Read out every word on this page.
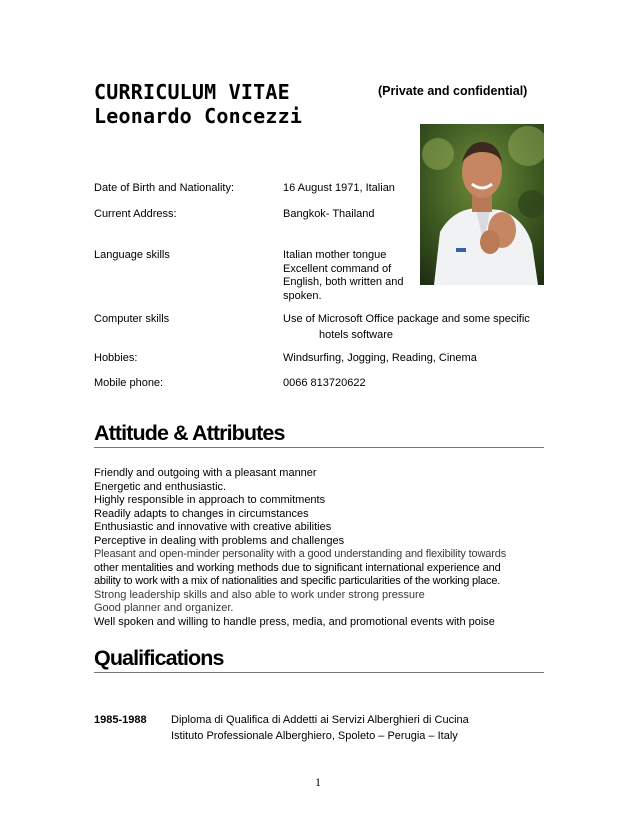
CURRICULUM VITAE	(Private and confidential)
Leonardo Concezzi
Date of Birth and Nationality:	16 August 1971, Italian
Current Address:	Bangkok- Thailand
Language skills	Italian mother tongue
Excellent command of
English, both written and
spoken.
Computer skills	Use of Microsoft Office package and some specific
hotels software
Hobbies:	Windsurfing, Jogging, Reading, Cinema
Mobile phone:	0066 813720622
Attitude & Attributes
Friendly and outgoing with a pleasant manner
Energetic and enthusiastic.
Highly responsible in approach to commitments
Readily adapts to changes in circumstances
Enthusiastic and innovative with creative abilities
Perceptive in dealing with problems and challenges
Pleasant and open-minder personality with a good understanding and flexibility towards
other mentalities and working methods due to significant international experience and
ability to work with a mix of nationalities and specific particularities of the working place.
Strong leadership skills and also able to work under strong pressure
Good planner and organizer.
Well spoken and willing to handle press, media, and promotional events with poise
Qualifications
1985-1988 Diploma di Qualifica di Addetti ai Servizi Alberghieri di Cucina
Istituto Professionale Alberghiero, Spoleto – Perugia – Italy
1
